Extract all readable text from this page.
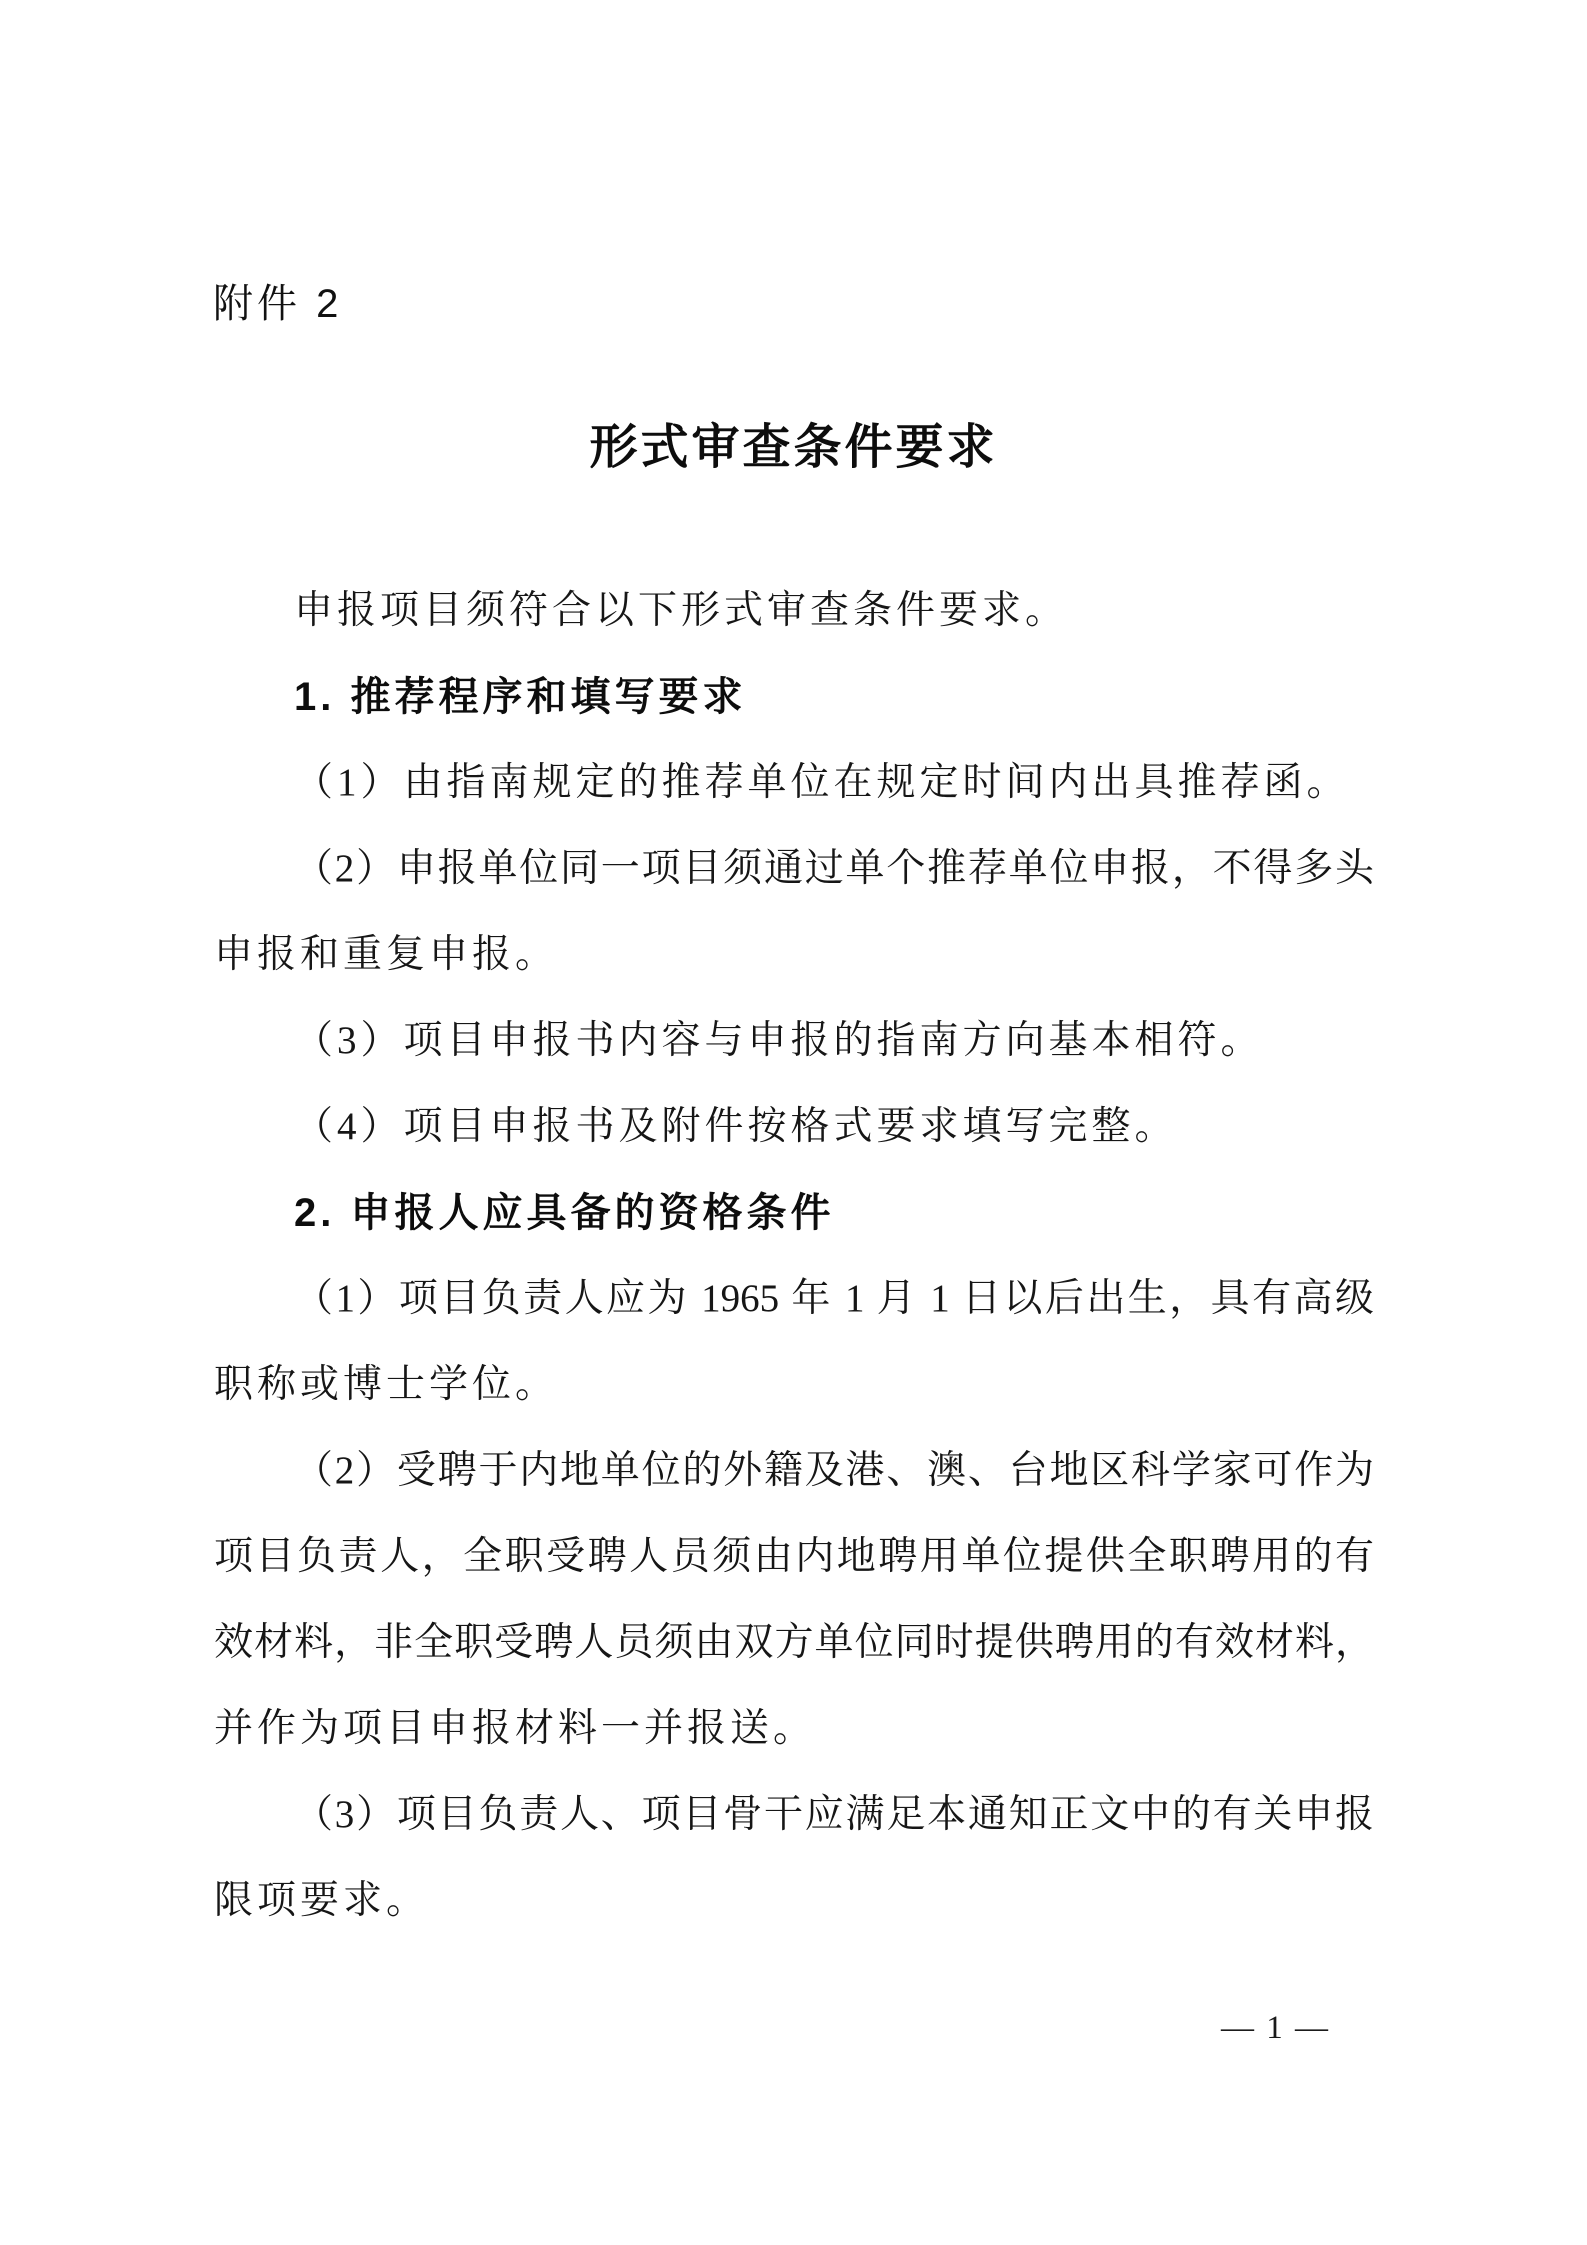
附件 2
形式审查条件要求
申报项目须符合以下形式审查条件要求。
1. 推荐程序和填写要求
（1）由指南规定的推荐单位在规定时间内出具推荐函。
（2）申报单位同一项目须通过单个推荐单位申报，不得多头
申报和重复申报。
（3）项目申报书内容与申报的指南方向基本相符。
（4）项目申报书及附件按格式要求填写完整。
2. 申报人应具备的资格条件
（1）项目负责人应为 1965 年 1 月 1 日以后出生，具有高级
职称或博士学位。
（2）受聘于内地单位的外籍及港、澳、台地区科学家可作为
项目负责人，全职受聘人员须由内地聘用单位提供全职聘用的有
效材料，非全职受聘人员须由双方单位同时提供聘用的有效材料，
并作为项目申报材料一并报送。
（3）项目负责人、项目骨干应满足本通知正文中的有关申报
限项要求。
— 1 —
